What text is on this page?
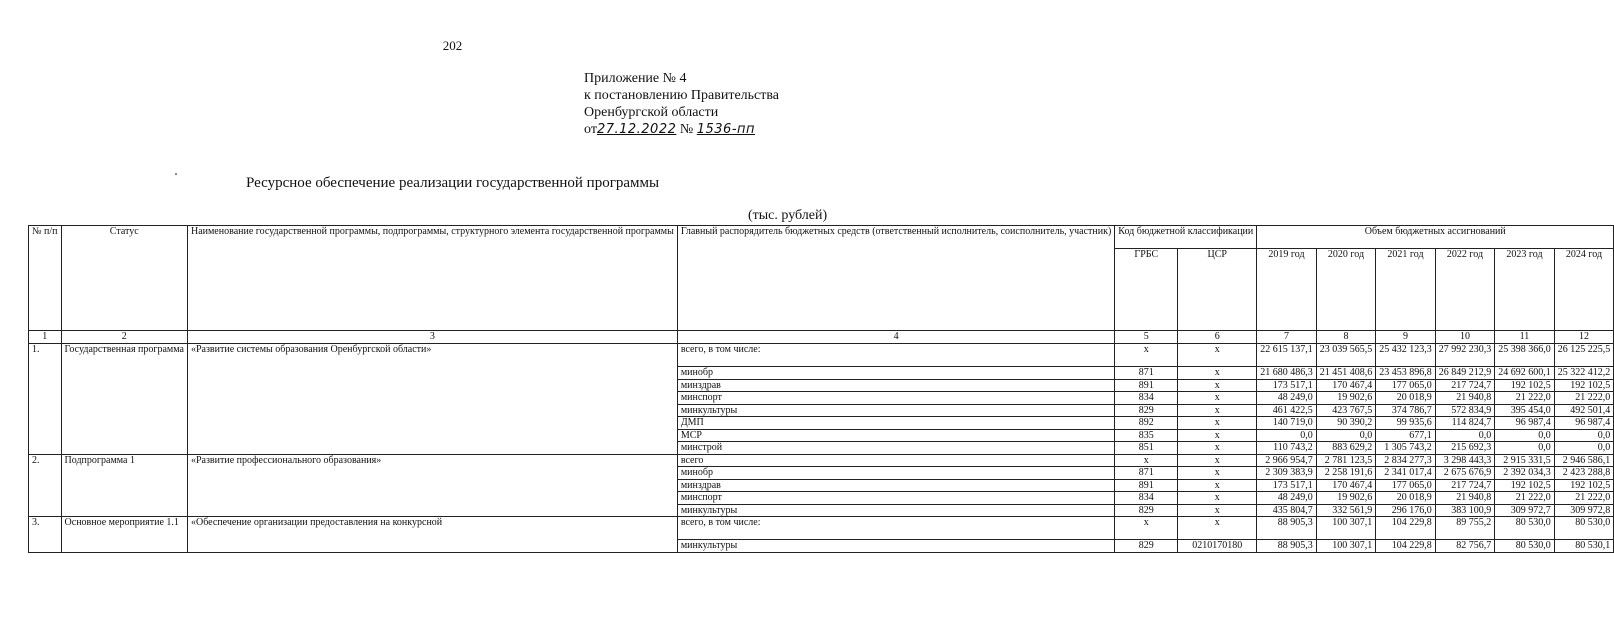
202
Приложение № 4
к постановлению Правительства
Оренбургской области
от27.12.2022 № 1536-пп
Ресурсное обеспечение реализации государственной программы
(тыс. рублей)
№ п/п	Статус	Наименование государственной программы, подпрограммы, структурного элемента государственной программы	Главный распорядитель бюджетных средств (ответственный исполнитель, соисполнитель, участник)	Код бюджетной классификации		Объем бюджетных ассигнований					
				ГРБС	ЦСР	2019 год	2020 год	2021 год	2022 год	2023 год	2024 год
1	2	3	4	5	6	7	8	9	10	11	12
1.	Государственная программа	«Развитие системы образования Оренбургской области»	всего, в том числе:	х	х	22 615 137,1	23 039 565,5	25 432 123,3	27 992 230,3	25 398 366,0	26 125 225,5
			минобр	871	х	21 680 486,3	21 451 408,6	23 453 896,8	26 849 212,9	24 692 600,1	25 322 412,2
			минздрав	891	х	173 517,1	170 467,4	177 065,0	217 724,7	192 102,5	192 102,5
			минспорт	834	х	48 249,0	19 902,6	20 018,9	21 940,8	21 222,0	21 222,0
			минкультуры	829	х	461 422,5	423 767,5	374 786,7	572 834,9	395 454,0	492 501,4
			ДМП	892	х	140 719,0	90 390,2	99 935,6	114 824,7	96 987,4	96 987,4
			МСР	835	х	0,0	0,0	677,1	0,0	0,0	0,0
			минстрой	851	х	110 743,2	883 629,2	1 305 743,2	215 692,3	0,0	0,0
2.	Подпрограмма 1	«Развитие профессионального образования»	всего	х	х	2 966 954,7	2 781 123,5	2 834 277,3	3 298 443,3	2 915 331,5	2 946 586,1
			минобр	871	х	2 309 383,9	2 258 191,6	2 341 017,4	2 675 676,9	2 392 034,3	2 423 288,8
			минздрав	891	х	173 517,1	170 467,4	177 065,0	217 724,7	192 102,5	192 102,5
			минспорт	834	х	48 249,0	19 902,6	20 018,9	21 940,8	21 222,0	21 222,0
			минкультуры	829	х	435 804,7	332 561,9	296 176,0	383 100,9	309 972,7	309 972,8
3.	Основное мероприятие 1.1	«Обеспечение организации предоставления на конкурсной	всего, в том числе:	х	х	88 905,3	100 307,1	104 229,8	89 755,2	80 530,0	80 530,0
			минкультуры	829	0210170180	88 905,3	100 307,1	104 229,8	82 756,7	80 530,0	80 530,1
